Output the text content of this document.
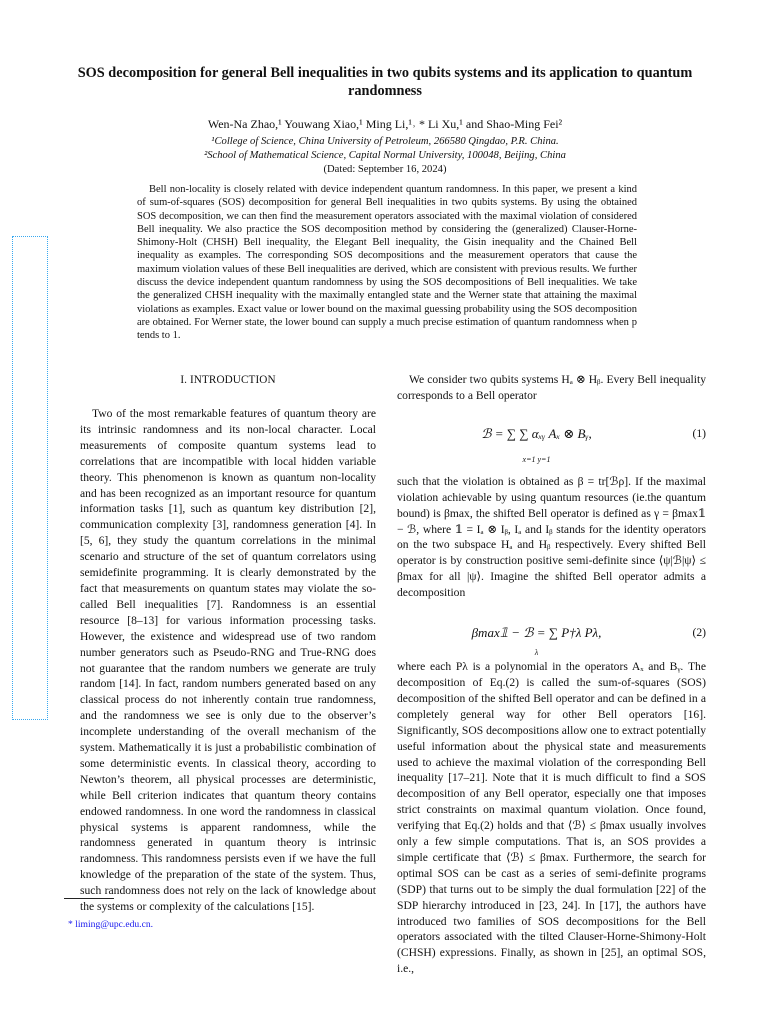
SOS decomposition for general Bell inequalities in two qubits systems and its application to quantum randomness
Wen-Na Zhao,¹ Youwang Xiao,¹ Ming Li,¹˒ * Li Xu,¹ and Shao-Ming Fei²
¹College of Science, China University of Petroleum, 266580 Qingdao, P.R. China.
²School of Mathematical Science, Capital Normal University, 100048, Beijing, China
(Dated: September 16, 2024)

Bell non-locality is closely related with device independent quantum randomness. In this paper, we present a kind of sum-of-squares (SOS) decomposition for general Bell inequalities in two qubits systems. By using the obtained SOS decomposition, we can then find the measurement operators associated with the maximal violation of considered Bell inequality. We also practice the SOS decomposition method by considering the (generalized) Clauser-Horne-Shimony-Holt (CHSH) Bell inequality, the Elegant Bell inequality, the Gisin inequality and the Chained Bell inequality as examples. The corresponding SOS decompositions and the measurement operators that cause the maximum violation values of these Bell inequalities are derived, which are consistent with previous results. We further discuss the device independent quantum randomness by using the SOS decompositions of Bell inequalities. We take the generalized CHSH inequality with the maximally entangled state and the Werner state that attaining the maximal violations as examples. Exact value or lower bound on the maximal guessing probability using the SOS decomposition are obtained. For Werner state, the lower bound can supply a much precise estimation of quantum randomness when p tends to 1.

I. INTRODUCTION

Two of the most remarkable features of quantum theory are its intrinsic randomness and its non-local character. Local measurements of composite quantum systems lead to correlations that are incompatible with local hidden variable theory. This phenomenon is known as quantum non-locality and has been recognized as an important resource for quantum information tasks [1], such as quantum key distribution [2], communication complexity [3], randomness generation [4]. In [5, 6], they study the quantum correlations in the minimal scenario and structure of the set of quantum correlators using semidefinite programming. It is clearly demonstrated by the fact that measurements on quantum states may violate the so-called Bell inequalities [7]. Randomness is an essential resource [8–13] for various information processing tasks. However, the existence and widespread use of two random number generators such as Pseudo-RNG and True-RNG does not guarantee that the random numbers we generate are truly random [14]. In fact, random numbers generated based on any classical process do not inherently contain true randomness, and the randomness we see is only due to the observer’s incomplete understanding of the overall mechanism of the system. Mathematically it is just a probabilistic combination of some deterministic events. In classical theory, according to Newton’s theorem, all physical processes are deterministic, while Bell criterion indicates that quantum theory contains endowed randomness. In one word the randomness in classical physical systems is apparent randomness, while the randomness generated in quantum theory is intrinsic randomness. This randomness persists even if we have the full knowledge of the preparation of the state of the system. Thus, such randomness does not rely on the lack of knowledge about the systems or complexity of the calculations [15].

We consider two qubits systems Hₐ ⊗ Hᵦ. Every Bell inequality corresponds to a Bell operator

ℬ = ∑ ∑ αₓᵧ Aₓ ⊗ Bᵧ,
x=1 y=1
(1)

such that the violation is obtained as β = tr[ℬρ]. If the maximal violation achievable by using quantum resources (ie.the quantum bound) is βmax, the shifted Bell operator is defined as γ = βmax𝟙 − ℬ, where 𝟙 = Iₐ ⊗ Iᵦ, Iₐ and Iᵦ stands for the identity operators on the two subspace Hₐ and Hᵦ respectively. Every shifted Bell operator is by construction positive semi-definite since ⟨ψ|ℬ|ψ⟩ ≤ βmax for all |ψ⟩. Imagine the shifted Bell operator admits a decomposition

βmax𝟙 − ℬ = ∑ P†λ Pλ,
λ
(2)

where each Pλ is a polynomial in the operators Aₓ and Bᵧ. The decomposition of Eq.(2) is called the sum-of-squares (SOS) decomposition of the shifted Bell operator and can be defined in a completely general way for other Bell operators [16]. Significantly, SOS decompositions allow one to extract potentially useful information about the physical state and measurements used to achieve the maximal violation of the corresponding Bell inequality [17–21]. Note that it is much difficult to find a SOS decomposition of any Bell operator, especially one that imposes strict constraints on maximal quantum violation. Once found, verifying that Eq.(2) holds and that ⟨ℬ⟩ ≤ βmax usually involves only a few simple computations. That is, an SOS provides a simple certificate that ⟨ℬ⟩ ≤ βmax. Furthermore, the search for optimal SOS can be cast as a series of semi-definite programs (SDP) that turns out to be simply the dual formulation [22] of the SDP hierarchy introduced in [23, 24]. In [17], the authors have introduced two families of SOS decompositions for the Bell operators associated with the tilted Clauser-Horne-Shimony-Holt (CHSH) expressions. Finally, as shown in [25], an optimal SOS, i.e.,

* liming@upc.edu.cn.
